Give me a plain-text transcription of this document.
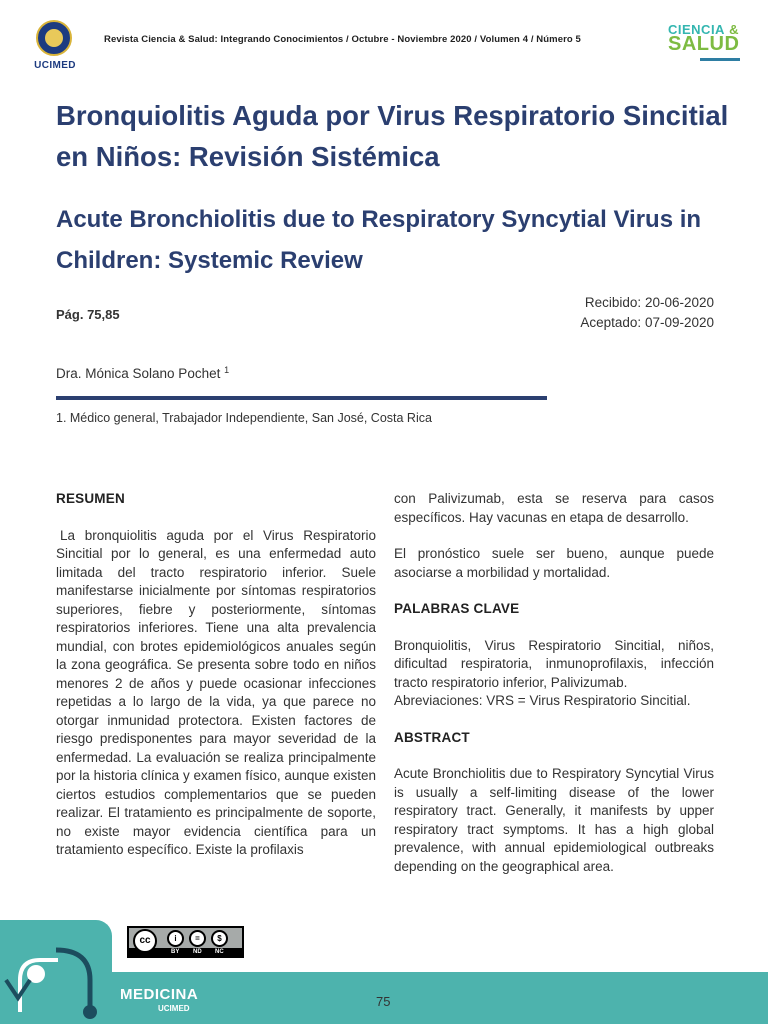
UCIMED
Revista Ciencia & Salud: Integrando Conocimientos / Octubre - Noviembre 2020 / Volumen 4 / Número 5
CIENCIA &
SALUD
Bronquiolitis Aguda por Virus Respiratorio Sincitial en Niños: Revisión Sistémica
Acute Bronchiolitis due to Respiratory Syncytial Virus in Children: Systemic Review
Pág. 75,85
Recibido: 20-06-2020
Aceptado: 07-09-2020
Dra. Mónica Solano Pochet $^1$
1. Médico general, Trabajador Independiente, San José, Costa Rica
RESUMEN

La bronquiolitis aguda por el Virus Respiratorio Sincitial por lo general, es una enfermedad auto limitada del tracto respiratorio inferior. Suele manifestarse inicialmente por síntomas respiratorios superiores, fiebre y posteriormente, síntomas respiratorios inferiores. Tiene una alta prevalencia mundial, con brotes epidemiológicos anuales según la zona geográfica. Se presenta sobre todo en niños menores 2 de años y puede ocasionar infecciones repetidas a lo largo de la vida, ya que parece no otorgar inmunidad protectora. Existen factores de riesgo predisponentes para mayor severidad de la enfermedad. La evaluación se realiza principalmente por la historia clínica y examen físico, aunque existen ciertos estudios complementarios que se pueden realizar. El tratamiento es principalmente de soporte, no existe mayor evidencia científica para un tratamiento específico. Existe la profilaxis

con Palivizumab, esta se reserva para casos específicos. Hay vacunas en etapa de desarrollo.

El pronóstico suele ser bueno, aunque puede asociarse a morbilidad y mortalidad.

PALABRAS CLAVE

Bronquiolitis, Virus Respiratorio Sincitial, niños, dificultad respiratoria, inmunoprofilaxis, infección tracto respiratorio inferior, Palivizumab.

Abreviaciones: VRS = Virus Respiratorio Sincitial.

ABSTRACT

Acute Bronchiolitis due to Respiratory Syncytial Virus is usually a self-limiting disease of the lower respiratory tract. Generally, it manifests by upper respiratory tract symptoms. It has a high global prevalence, with annual epidemiological outbreaks depending on the geographical area.

cc	i	=	$
BY ND NC
MEDICINA
UCIMED	75
